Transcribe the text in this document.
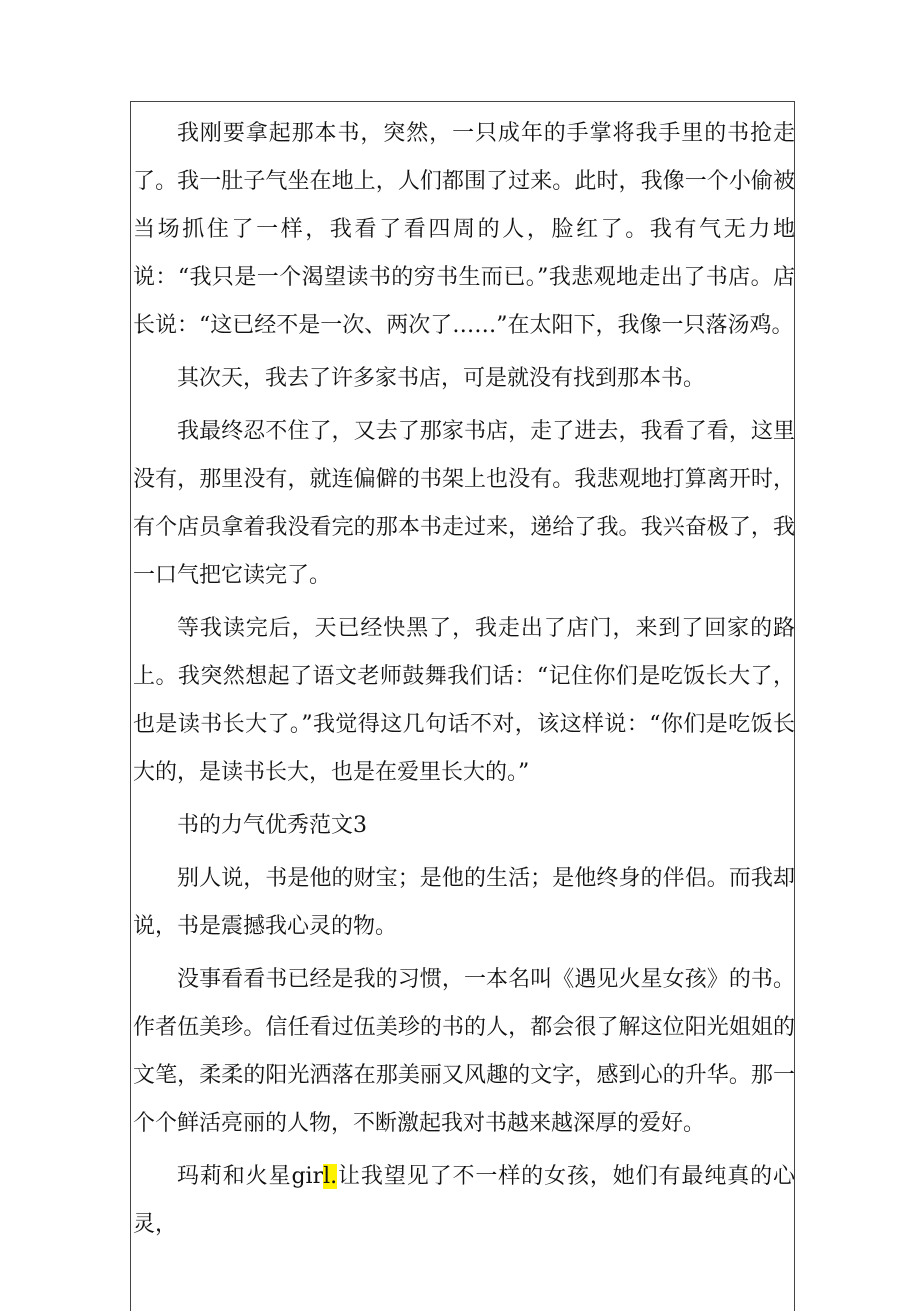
我刚要拿起那本书，突然，一只成年的手掌将我手里的书抢走了。我一肚子气坐在地上，人们都围了过来。此时，我像一个小偷被当场抓住了一样，我看了看四周的人，脸红了。我有气无力地说：“我只是一个渴望读书的穷书生而已。”我悲观地走出了书店。店长说：“这已经不是一次、两次了……”在太阳下，我像一只落汤鸡。

其次天，我去了许多家书店，可是就没有找到那本书。

我最终忍不住了，又去了那家书店，走了进去，我看了看，这里没有，那里没有，就连偏僻的书架上也没有。我悲观地打算离开时，有个店员拿着我没看完的那本书走过来，递给了我。我兴奋极了，我一口气把它读完了。

等我读完后，天已经快黑了，我走出了店门，来到了回家的路上。我突然想起了语文老师鼓舞我们话：“记住你们是吃饭长大了，也是读书长大了。”我觉得这几句话不对，该这样说：“你们是吃饭长大的，是读书长大，也是在爱里长大的。”

书的力气优秀范文3

别人说，书是他的财宝；是他的生活；是他终身的伴侣。而我却说，书是震撼我心灵的物。

没事看看书已经是我的习惯，一本名叫《遇见火星女孩》的书。作者伍美珍。信任看过伍美珍的书的人，都会很了解这位阳光姐姐的文笔，柔柔的阳光洒落在那美丽又风趣的文字，感到心的升华。那一个个鲜活亮丽的人物，不断激起我对书越来越深厚的爱好。

玛莉和火星girl.让我望见了不一样的女孩，她们有最纯真的心灵，
